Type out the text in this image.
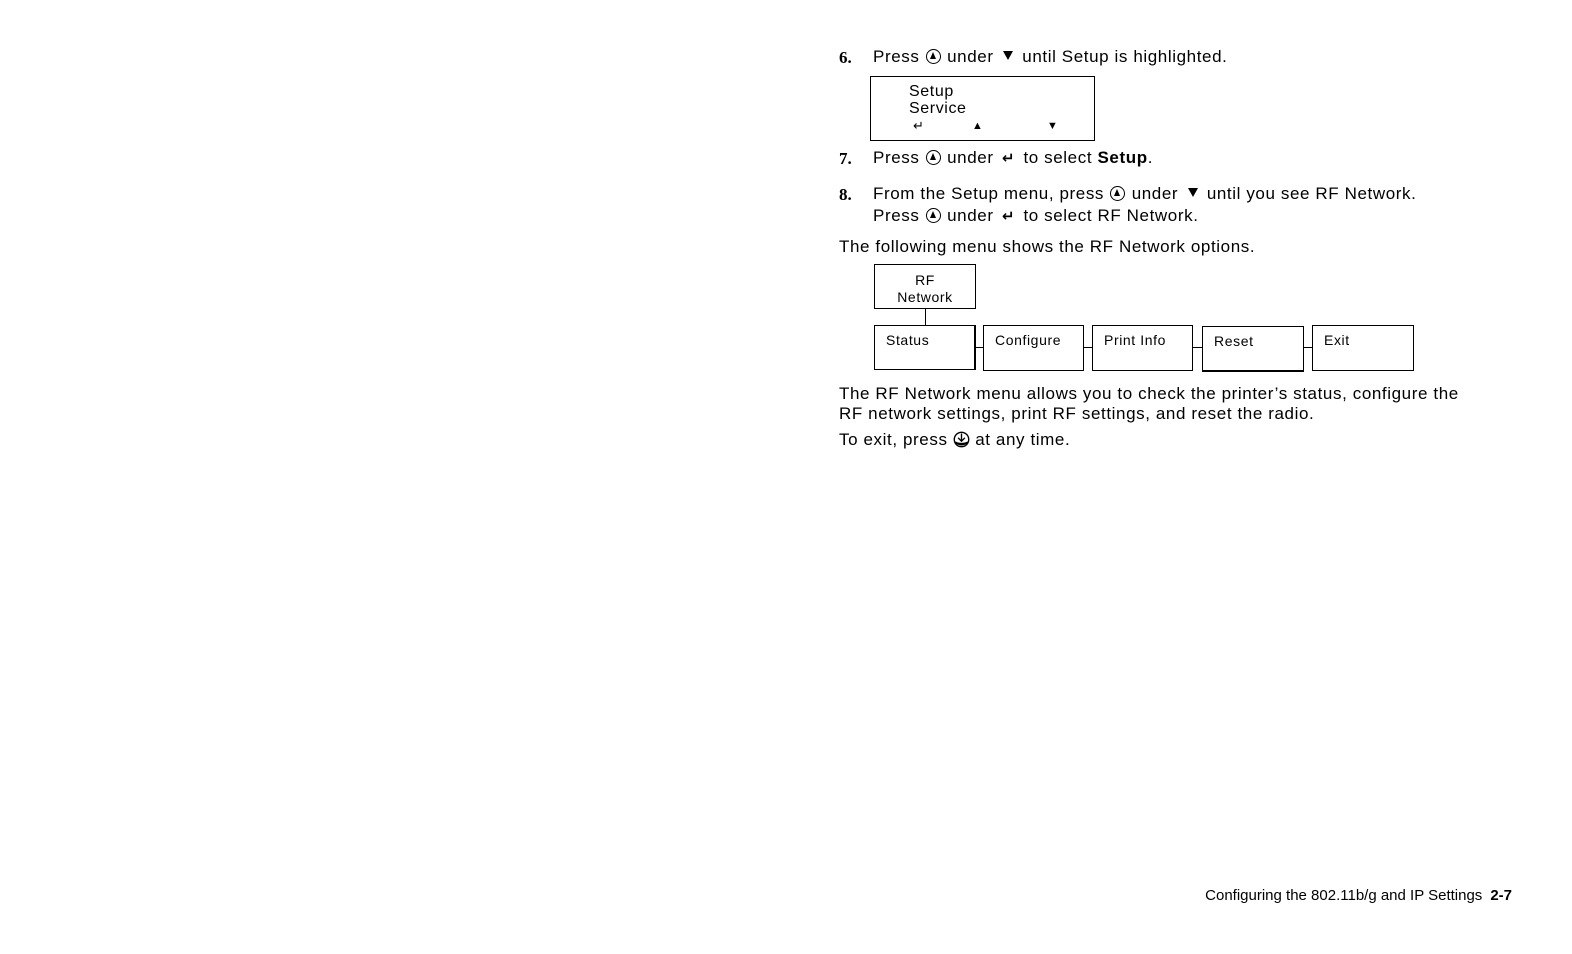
6. Press under until Setup is highlighted.
Setup
Service
↵	▲	▼
7. Press under ↵ to select Setup.
8. From the Setup menu, press under until you see RF Network.
Press under ↵ to select RF Network.
The following menu shows the RF Network options.
RF
Network
Status	Configure	Print Info	Reset	Exit
The RF Network menu allows you to check the printer’s status, configure the
RF network settings, print RF settings, and reset the radio.
To exit, press at any time.
Configuring the 802.11b/g and IP Settings 2-7
